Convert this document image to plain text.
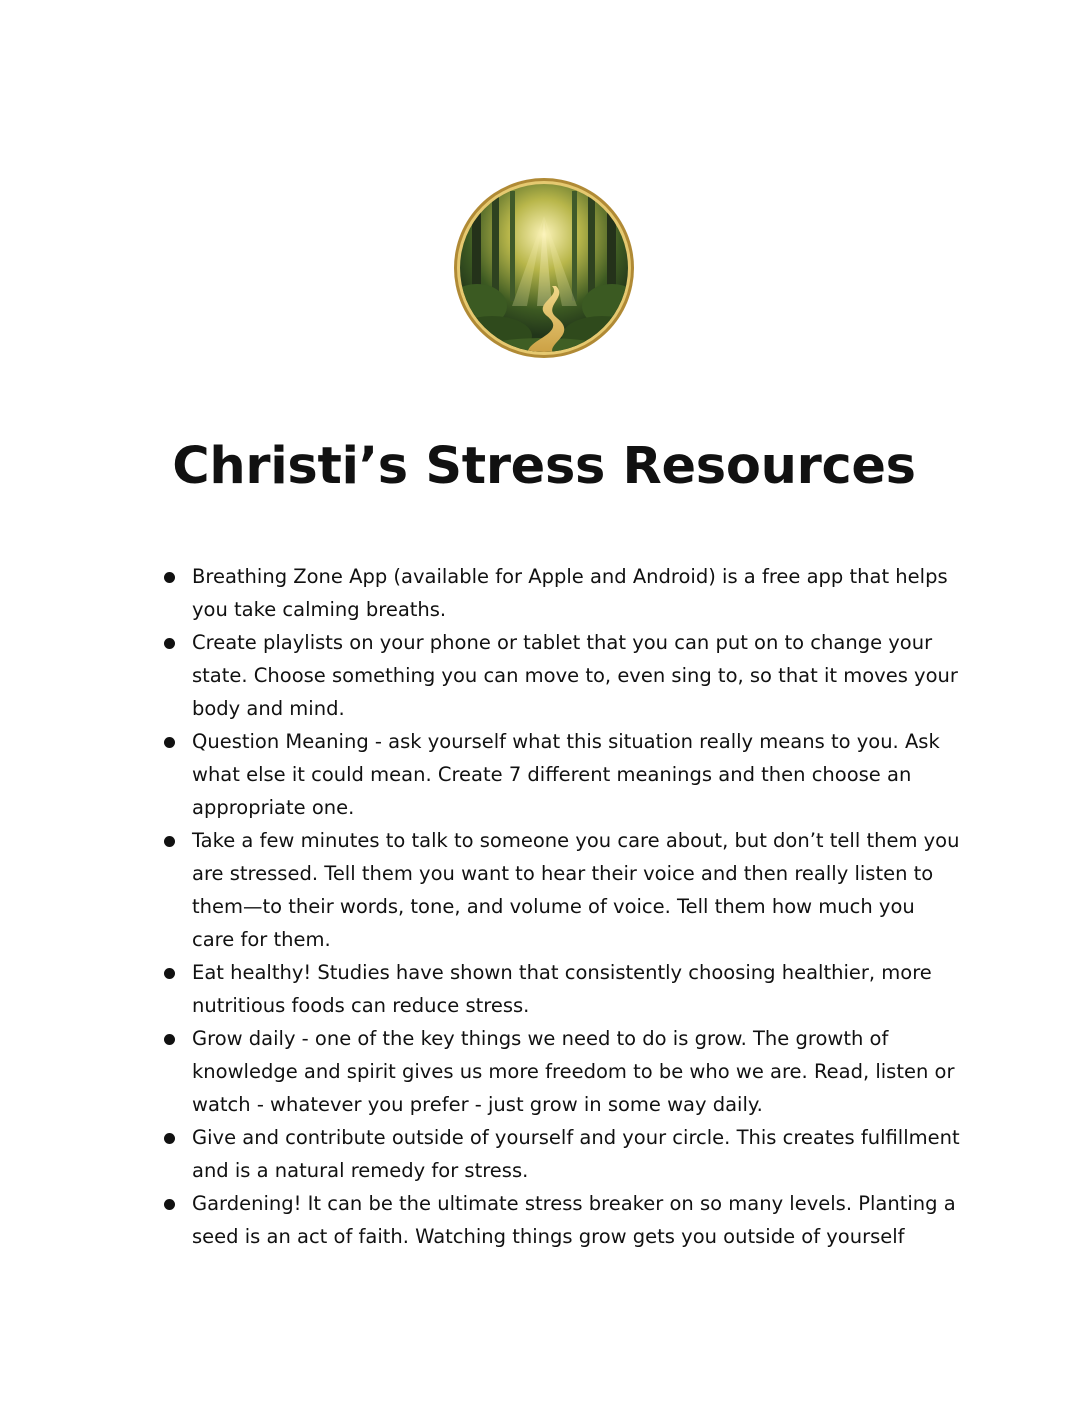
Christi’s Stress Resources
Breathing Zone App (available for Apple and Android) is a free app that helps you take calming breaths.
Create playlists on your phone or tablet that you can put on to change your state. Choose something you can move to, even sing to, so that it moves your body and mind.
Question Meaning - ask yourself what this situation really means to you. Ask what else it could mean. Create 7 different meanings and then choose an appropriate one.
Take a few minutes to talk to someone you care about, but don’t tell them you are stressed. Tell them you want to hear their voice and then really listen to them—to their words, tone, and volume of voice. Tell them how much you care for them.
Eat healthy! Studies have shown that consistently choosing healthier, more nutritious foods can reduce stress.
Grow daily - one of the key things we need to do is grow. The growth of knowledge and spirit gives us more freedom to be who we are. Read, listen or watch - whatever you prefer - just grow in some way daily.
Give and contribute outside of yourself and your circle. This creates fulfillment and is a natural remedy for stress.
Gardening! It can be the ultimate stress breaker on so many levels. Planting a seed is an act of faith. Watching things grow gets you outside of yourself
